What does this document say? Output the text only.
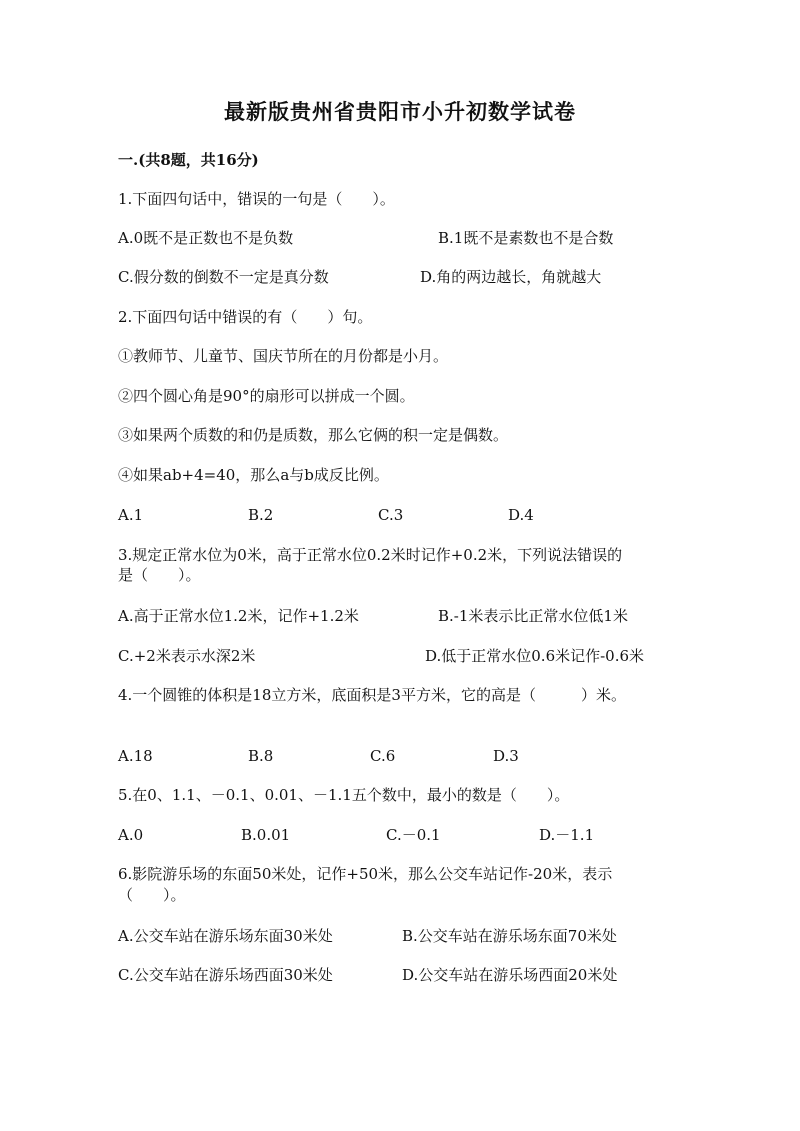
最新版贵州省贵阳市小升初数学试卷
一.(共8题，共16分)
1.下面四句话中，错误的一句是（　　）。
A.0既不是正数也不是负数	B.1既不是素数也不是合数
C.假分数的倒数不一定是真分数	D.角的两边越长，角就越大
2.下面四句话中错误的有（　　）句。
①教师节、儿童节、国庆节所在的月份都是小月。
②四个圆心角是90°的扇形可以拼成一个圆。
③如果两个质数的和仍是质数，那么它俩的积一定是偶数。
④如果ab+4=40，那么a与b成反比例。
A.1	B.2	C.3	D.4
3.规定正常水位为0米，高于正常水位0.2米时记作+0.2米，下列说法错误的
是（　　）。
A.高于正常水位1.2米，记作+1.2米	B.-1米表示比正常水位低1米
C.+2米表示水深2米	D.低于正常水位0.6米记作-0.6米
4.一个圆锥的体积是18立方米，底面积是3平方米，它的高是（　　　）米。
A.18	B.8	C.6	D.3
5.在0、1.1、－0.1、0.01、－1.1五个数中，最小的数是（　　）。
A.0	B.0.01	C.－0.1	D.－1.1
6.影院游乐场的东面50米处，记作+50米，那么公交车站记作-20米，表示
（　　）。
A.公交车站在游乐场东面30米处	B.公交车站在游乐场东面70米处
C.公交车站在游乐场西面30米处	D.公交车站在游乐场西面20米处
